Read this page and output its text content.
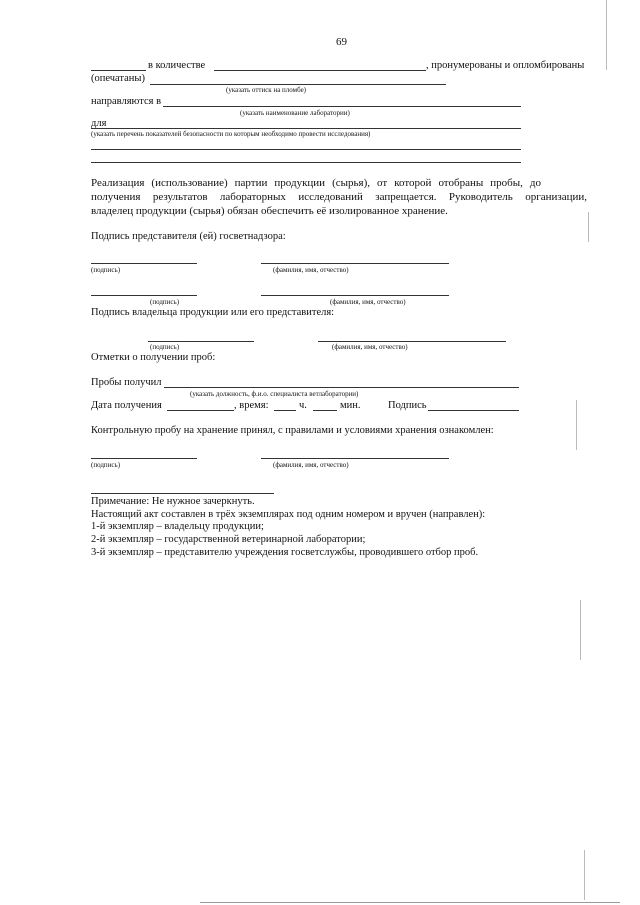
69
в количестве	, пронумерованы и опломбированы
(опечатаны)
(указать оттиск на пломбе)
направляются в
(указать наименование лаборатории)
для
(указать перечень показателей безопасности по которым необходимо провести исследования)
Реализация (использование) партии продукции (сырья), от которой отобраны пробы, до
получения результатов лабораторных исследований запрещается. Руководитель организации,
владелец продукции (сырья) обязан обеспечить её изолированное хранение.
Подпись представителя (ей) госветнадзора:
(подпись)	(фамилия, имя, отчество)
(подпись)	(фамилия, имя, отчество)
Подпись владельца продукции или его представителя:
(подпись)	(фамилия, имя, отчество)
Отметки о получении проб:
Пробы получил
(указать должность, ф.и.о. специалиста ветлаборатории)
Дата получения	, время:	ч.	мин.	Подпись
Контрольную пробу на хранение принял, с правилами и условиями хранения ознакомлен:
(подпись)	(фамилия, имя, отчество)
Примечание: Не нужное зачеркнуть.
Настоящий акт составлен в трёх экземплярах под одним номером и вручен (направлен):
1-й экземпляр – владельцу продукции;
2-й экземпляр – государственной ветеринарной лаборатории;
3-й экземпляр – представителю учреждения госветслужбы, проводившего отбор проб.
